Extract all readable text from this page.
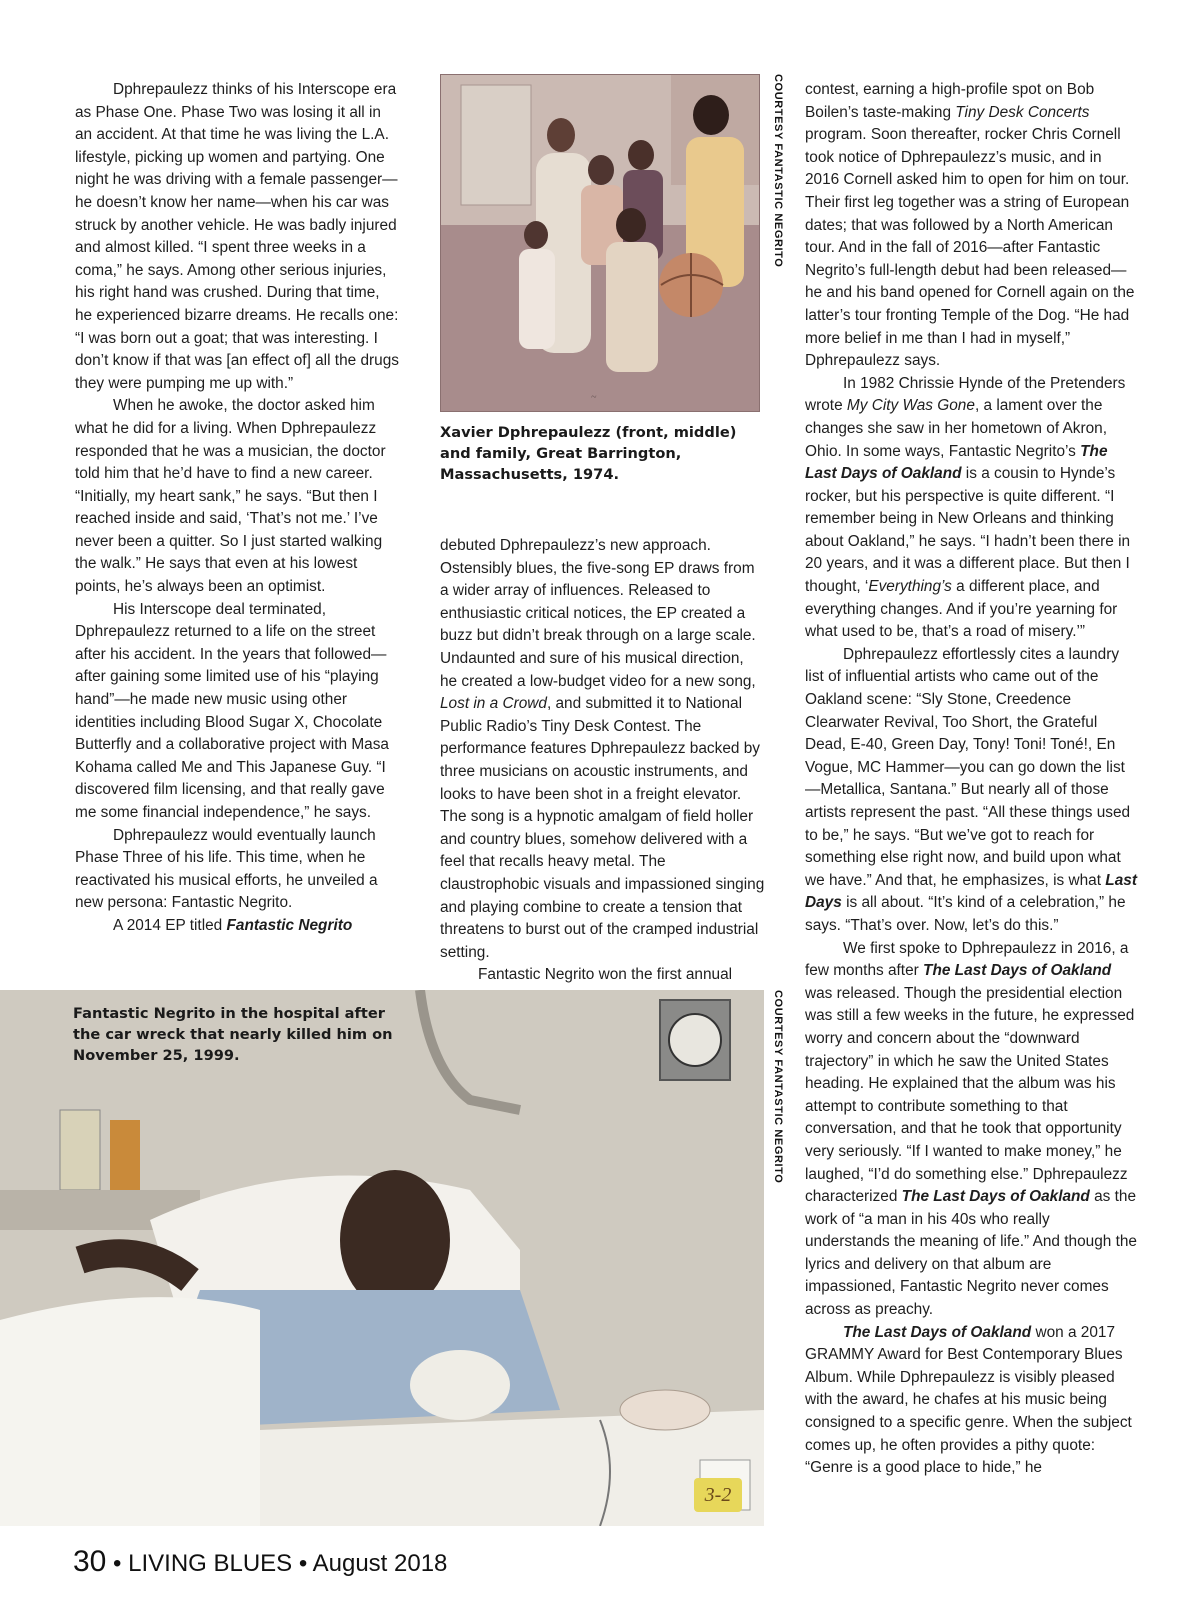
Dphrepaulezz thinks of his Interscope era as Phase One. Phase Two was losing it all in an accident. At that time he was living the L.A. lifestyle, picking up women and partying. One night he was driving with a female passenger—he doesn’t know her name—when his car was struck by another vehicle. He was badly injured and almost killed. “I spent three weeks in a coma,” he says. Among other serious injuries, his right hand was crushed. During that time, he experienced bizarre dreams. He recalls one: “I was born out a goat; that was interesting. I don’t know if that was [an effect of] all the drugs they were pumping me up with.”

When he awoke, the doctor asked him what he did for a living. When Dphrepaulezz responded that he was a musician, the doctor told him that he’d have to find a new career. “Initially, my heart sank,” he says. “But then I reached inside and said, ‘That’s not me.’ I’ve never been a quitter. So I just started walking the walk.” He says that even at his lowest points, he’s always been an optimist.

His Interscope deal terminated, Dphrepaulezz returned to a life on the street after his accident. In the years that followed—after gaining some limited use of his “playing hand”—he made new music using other identities including Blood Sugar X, Chocolate Butterfly and a collaborative project with Masa Kohama called Me and This Japanese Guy. “I discovered film licensing, and that really gave me some financial independence,” he says.

Dphrepaulezz would eventually launch Phase Three of his life. This time, when he reactivated his musical efforts, he unveiled a new persona: Fantastic Negrito.

A 2014 EP titled Fantastic Negrito

~
COURTESY FANTASTIC NEGRITO
Xavier Dphrepaulezz (front, middle) and family, Great Barrington, Massachusetts, 1974.

debuted Dphrepaulezz’s new approach. Ostensibly blues, the five-song EP draws from a wider array of influences. Released to enthusiastic critical notices, the EP created a buzz but didn’t break through on a large scale. Undaunted and sure of his musical direction, he created a low-budget video for a new song, Lost in a Crowd, and submitted it to National Public Radio’s Tiny Desk Contest. The performance features Dphrepaulezz backed by three musicians on acoustic instruments, and looks to have been shot in a freight elevator. The song is a hypnotic amalgam of field holler and country blues, somehow delivered with a feel that recalls heavy metal. The claustrophobic visuals and impassioned singing and playing combine to create a tension that threatens to burst out of the cramped industrial setting.

Fantastic Negrito won the first annual

contest, earning a high-profile spot on Bob Boilen’s taste-making Tiny Desk Concerts program. Soon thereafter, rocker Chris Cornell took notice of Dphrepaulezz’s music, and in 2016 Cornell asked him to open for him on tour. Their first leg together was a string of European dates; that was followed by a North American tour. And in the fall of 2016—after Fantastic Negrito’s full-length debut had been released—he and his band opened for Cornell again on the latter’s tour fronting Temple of the Dog. “He had more belief in me than I had in myself,” Dphrepaulezz says.

In 1982 Chrissie Hynde of the Pretenders wrote My City Was Gone, a lament over the changes she saw in her hometown of Akron, Ohio. In some ways, Fantastic Negrito’s The Last Days of Oakland is a cousin to Hynde’s rocker, but his perspective is quite different. “I remember being in New Orleans and thinking about Oakland,” he says. “I hadn’t been there in 20 years, and it was a different place. But then I thought, ‘Everything’s a different place, and everything changes. And if you’re yearning for what used to be, that’s a road of misery.’”

Dphrepaulezz effortlessly cites a laundry list of influential artists who came out of the Oakland scene: “Sly Stone, Creedence Clearwater Revival, Too Short, the Grateful Dead, E-40, Green Day, Tony! Toni! Toné!, En Vogue, MC Hammer—you can go down the list—Metallica, Santana.” But nearly all of those artists represent the past. “All these things used to be,” he says. “But we’ve got to reach for something else right now, and build upon what we have.” And that, he emphasizes, is what Last Days is all about. “It’s kind of a celebration,” he says. “That’s over. Now, let’s do this.”

We first spoke to Dphrepaulezz in 2016, a few months after The Last Days of Oakland was released. Though the presidential election was still a few weeks in the future, he expressed worry and concern about the “downward trajectory” in which he saw the United States heading. He explained that the album was his attempt to contribute something to that conversation, and that he took that opportunity very seriously. “If I wanted to make money,” he laughed, “I’d do something else.” Dphrepaulezz characterized The Last Days of Oakland as the work of “a man in his 40s who really understands the meaning of life.” And though the lyrics and delivery on that album are impassioned, Fantastic Negrito never comes across as preachy.

The Last Days of Oakland won a 2017 GRAMMY Award for Best Contemporary Blues Album. While Dphrepaulezz is visibly pleased with the award, he chafes at his music being consigned to a specific genre. When the subject comes up, he often provides a pithy quote: “Genre is a good place to hide,” he

3-2
COURTESY FANTASTIC NEGRITO
Fantastic Negrito in the hospital after the car wreck that nearly killed him on November 25, 1999.
30 • LIVING BLUES • August 2018
